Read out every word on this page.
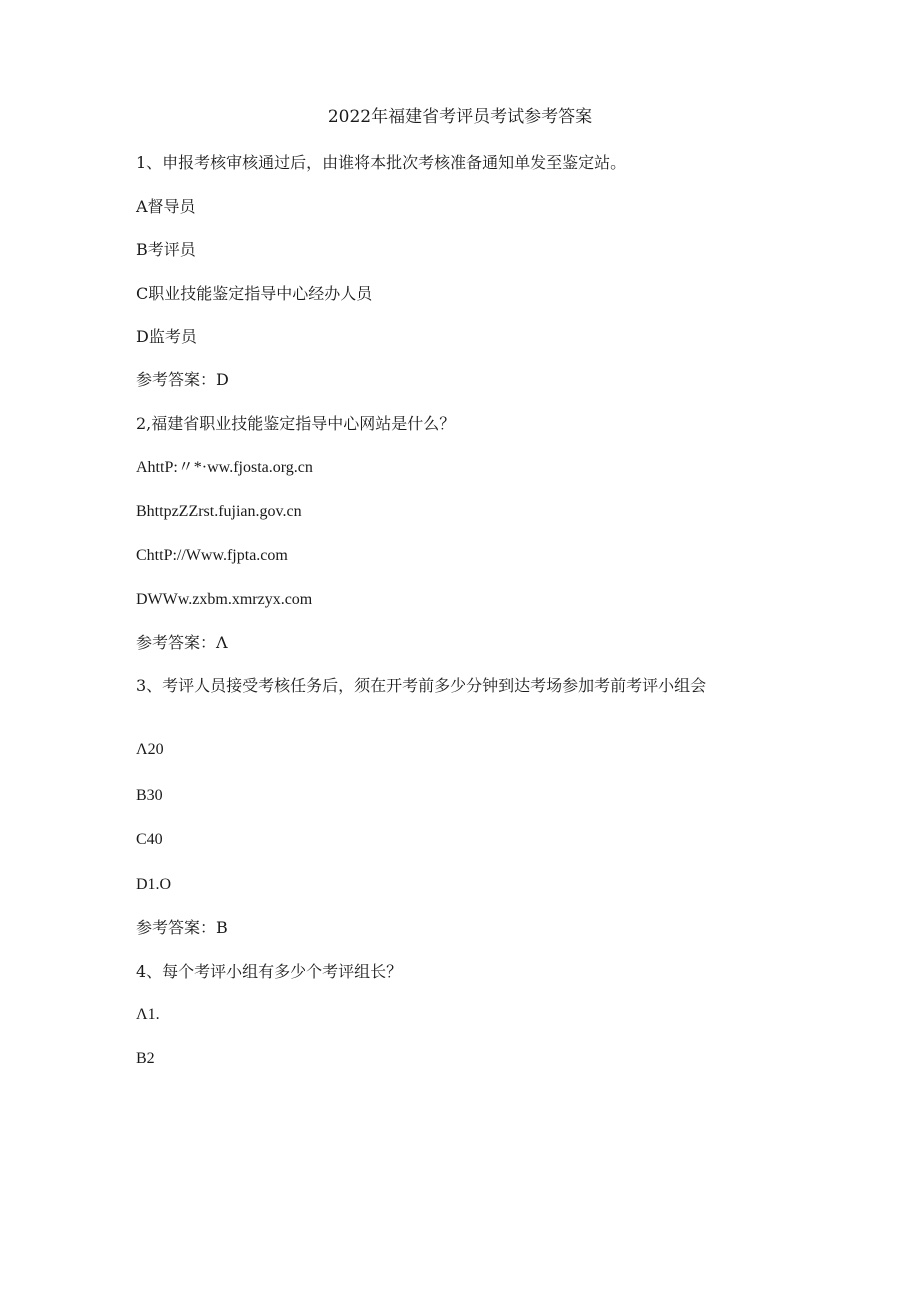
2022年福建省考评员考试参考答案
1、申报考核审核通过后，由谁将本批次考核准备通知单发至鉴定站。
A督导员
B考评员
C职业技能鉴定指导中心经办人员
D监考员
参考答案：D
2,福建省职业技能鉴定指导中心网站是什么？
AhttP:〃*·ww.fjosta.org.cn
BhttpzZZrst.fujian.gov.cn
ChttP://Www.fjpta.com
DWWw.zxbm.xmrzyx.com
参考答案：Λ
3、考评人员接受考核任务后，须在开考前多少分钟到达考场参加考前考评小组会
Λ20
B30
C40
D1.O
参考答案：B
4、每个考评小组有多少个考评组长？
Λ1.
B2
